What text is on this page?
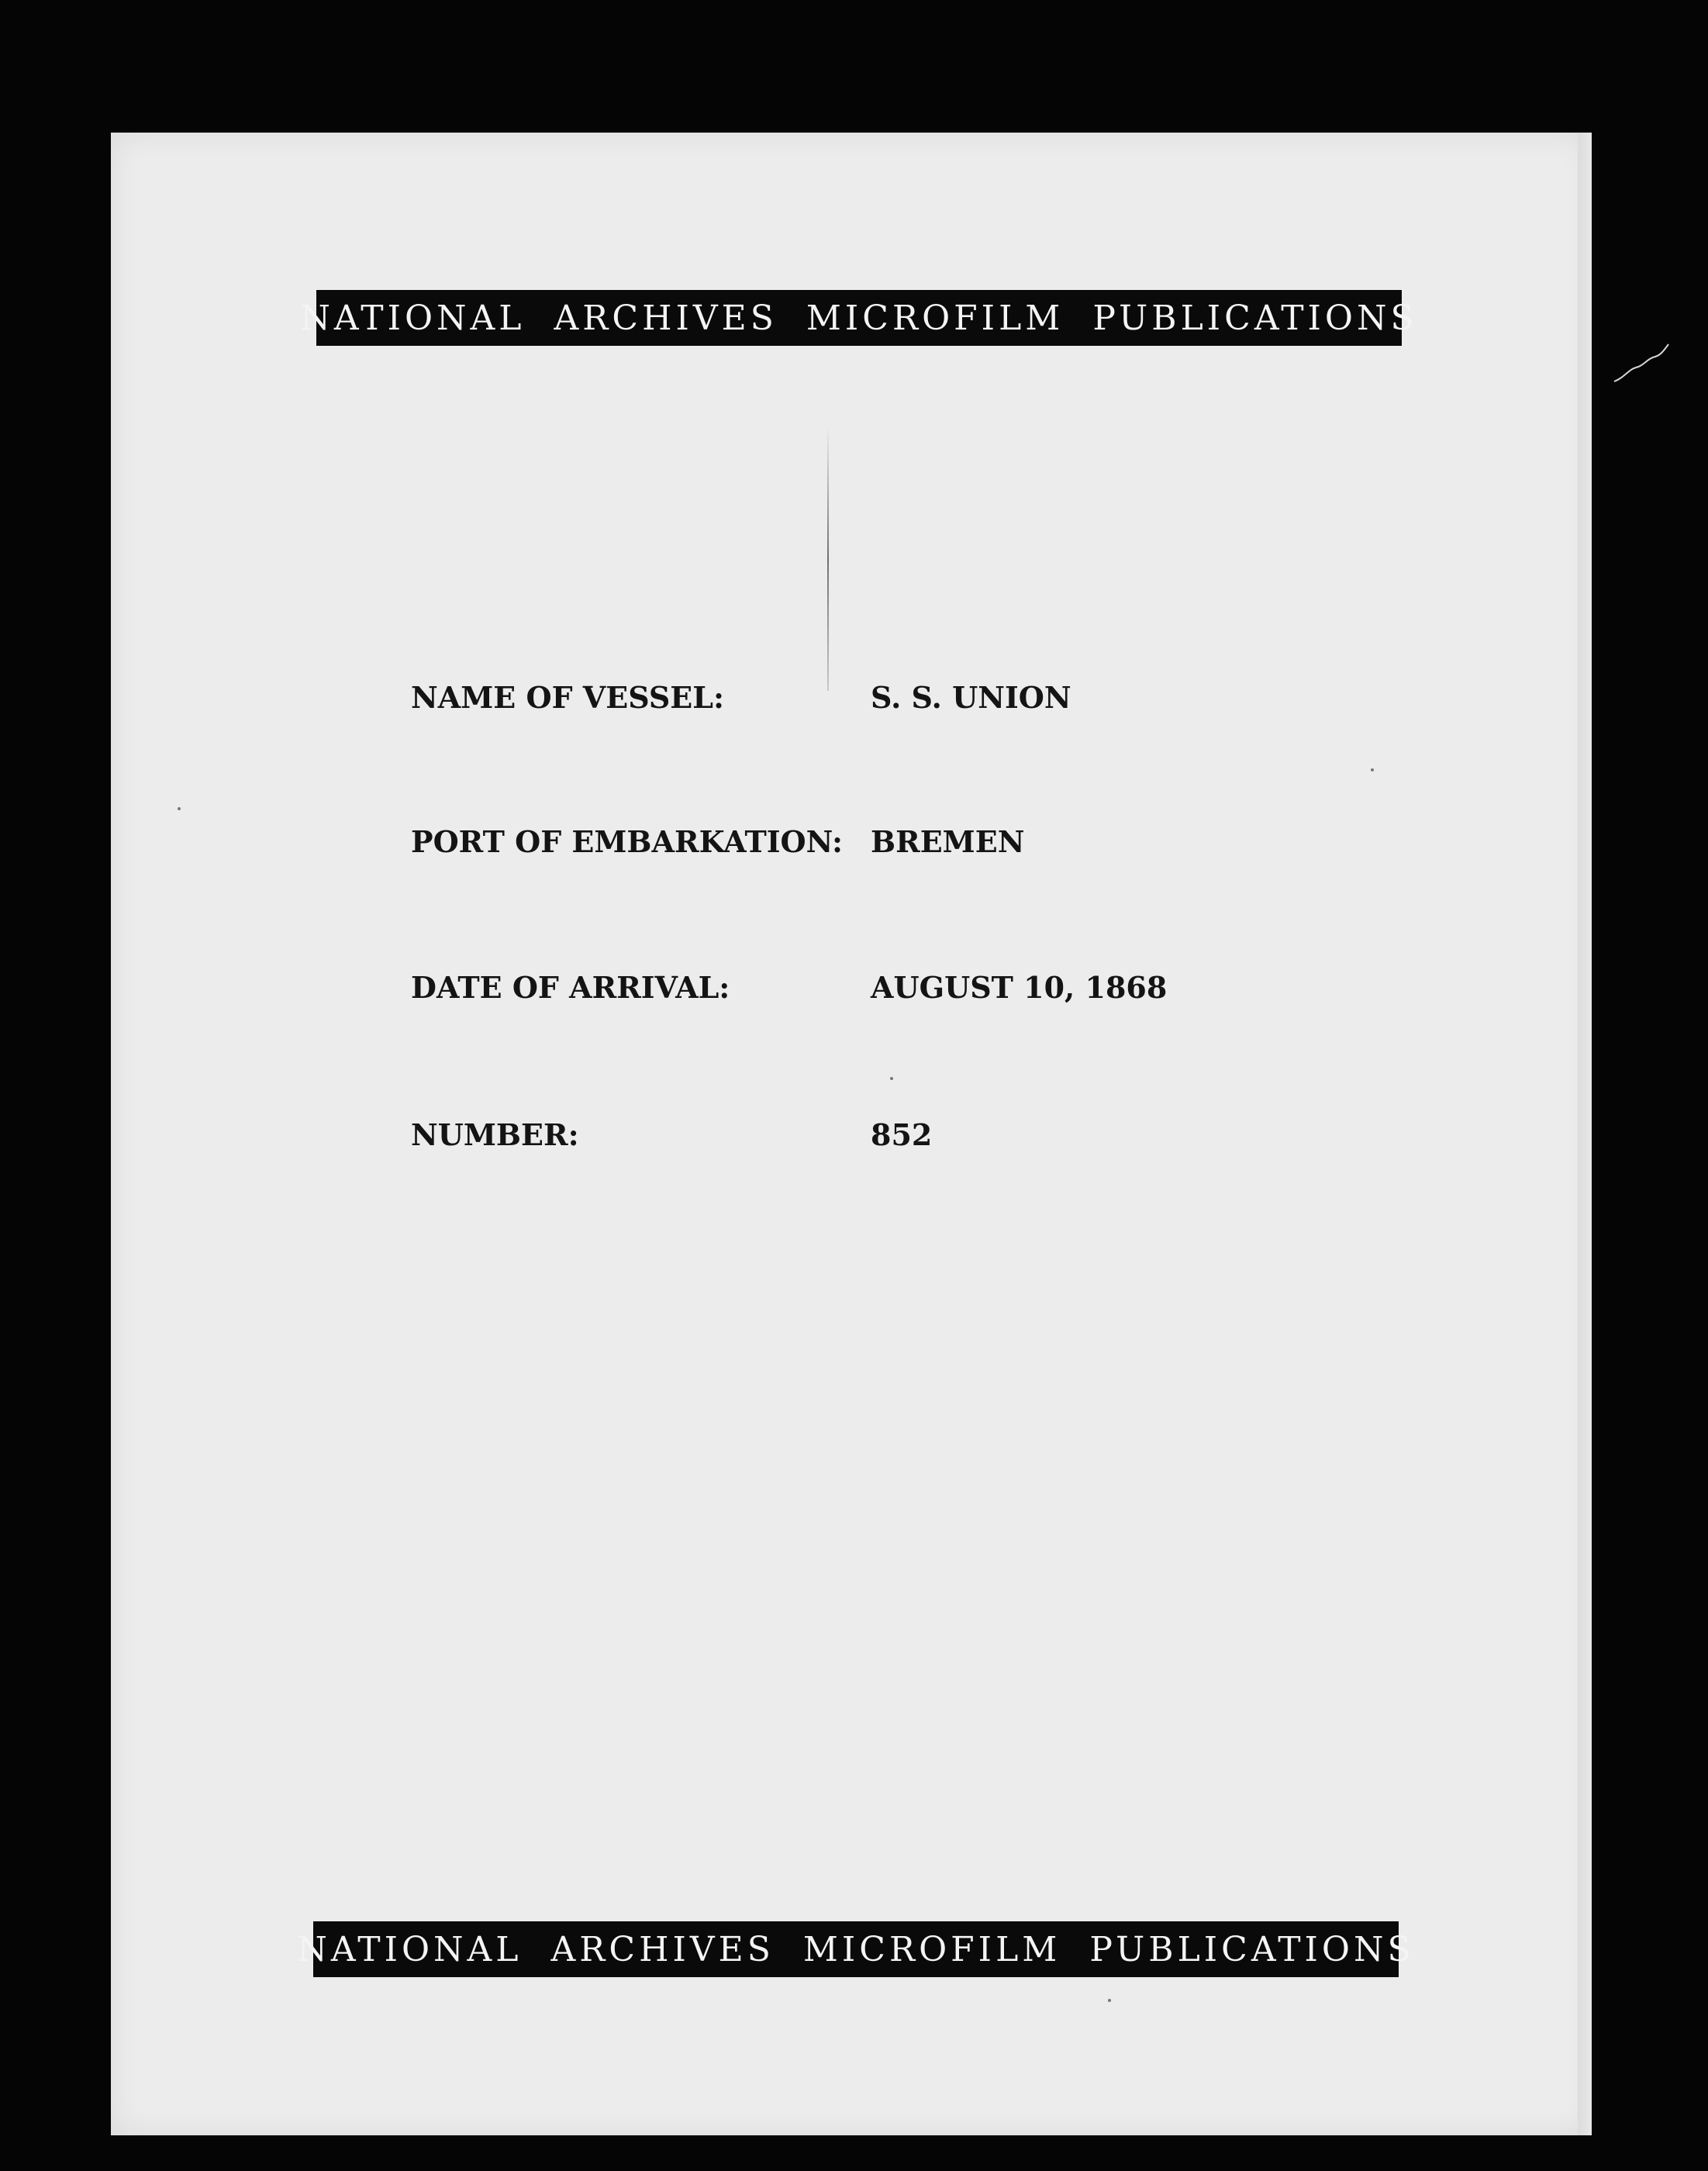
NATIONAL ARCHIVES MICROFILM PUBLICATIONS
NAME OF VESSEL:	S. S. UNION
PORT OF EMBARKATION: BREMEN
DATE OF ARRIVAL:	AUGUST 10, 1868
NUMBER:	852
NATIONAL ARCHIVES MICROFILM PUBLICATIONS
